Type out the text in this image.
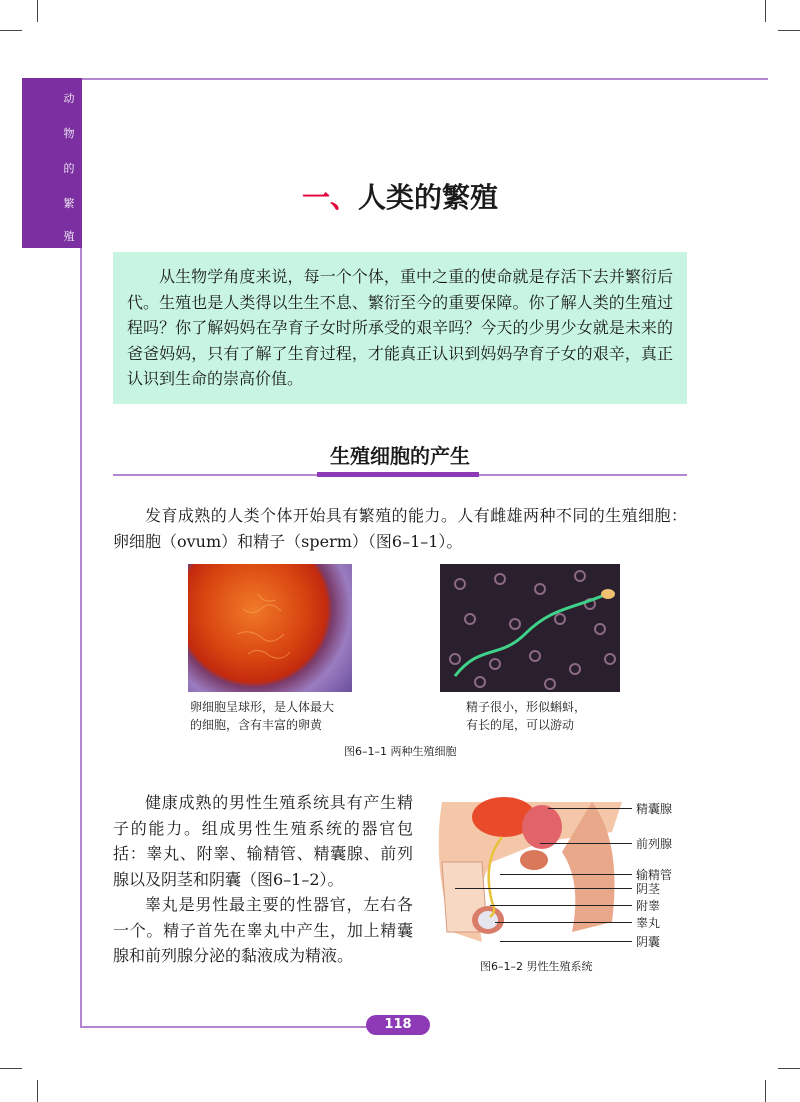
动
物
的
繁
殖
一、人类的繁殖
从生物学角度来说，每一个个体，重中之重的使命就是存活下去并繁衍后代。生殖也是人类得以生生不息、繁衍至今的重要保障。你了解人类的生殖过程吗？你了解妈妈在孕育子女时所承受的艰辛吗？今天的少男少女就是未来的爸爸妈妈，只有了解了生育过程，才能真正认识到妈妈孕育子女的艰辛，真正认识到生命的崇高价值。
生殖细胞的产生
发育成熟的人类个体开始具有繁殖的能力。人有雌雄两种不同的生殖细胞：卵细胞（ovum）和精子（sperm）（图6–1–1）。
卵细胞呈球形，是人体最大
的细胞，含有丰富的卵黄
精子很小，形似蝌蚪，
有长的尾，可以游动
图6–1–1 两种生殖细胞
健康成熟的男性生殖系统具有产生精子的能力。组成男性生殖系统的器官包括：睾丸、附睾、输精管、精囊腺、前列腺以及阴茎和阴囊（图6–1–2）。
睾丸是男性最主要的性器官，左右各一个。精子首先在睾丸中产生，加上精囊腺和前列腺分泌的黏液成为精液。
精囊腺
前列腺
输精管
阴茎
附睾
睾丸
阴囊
图6–1–2 男性生殖系统
118
